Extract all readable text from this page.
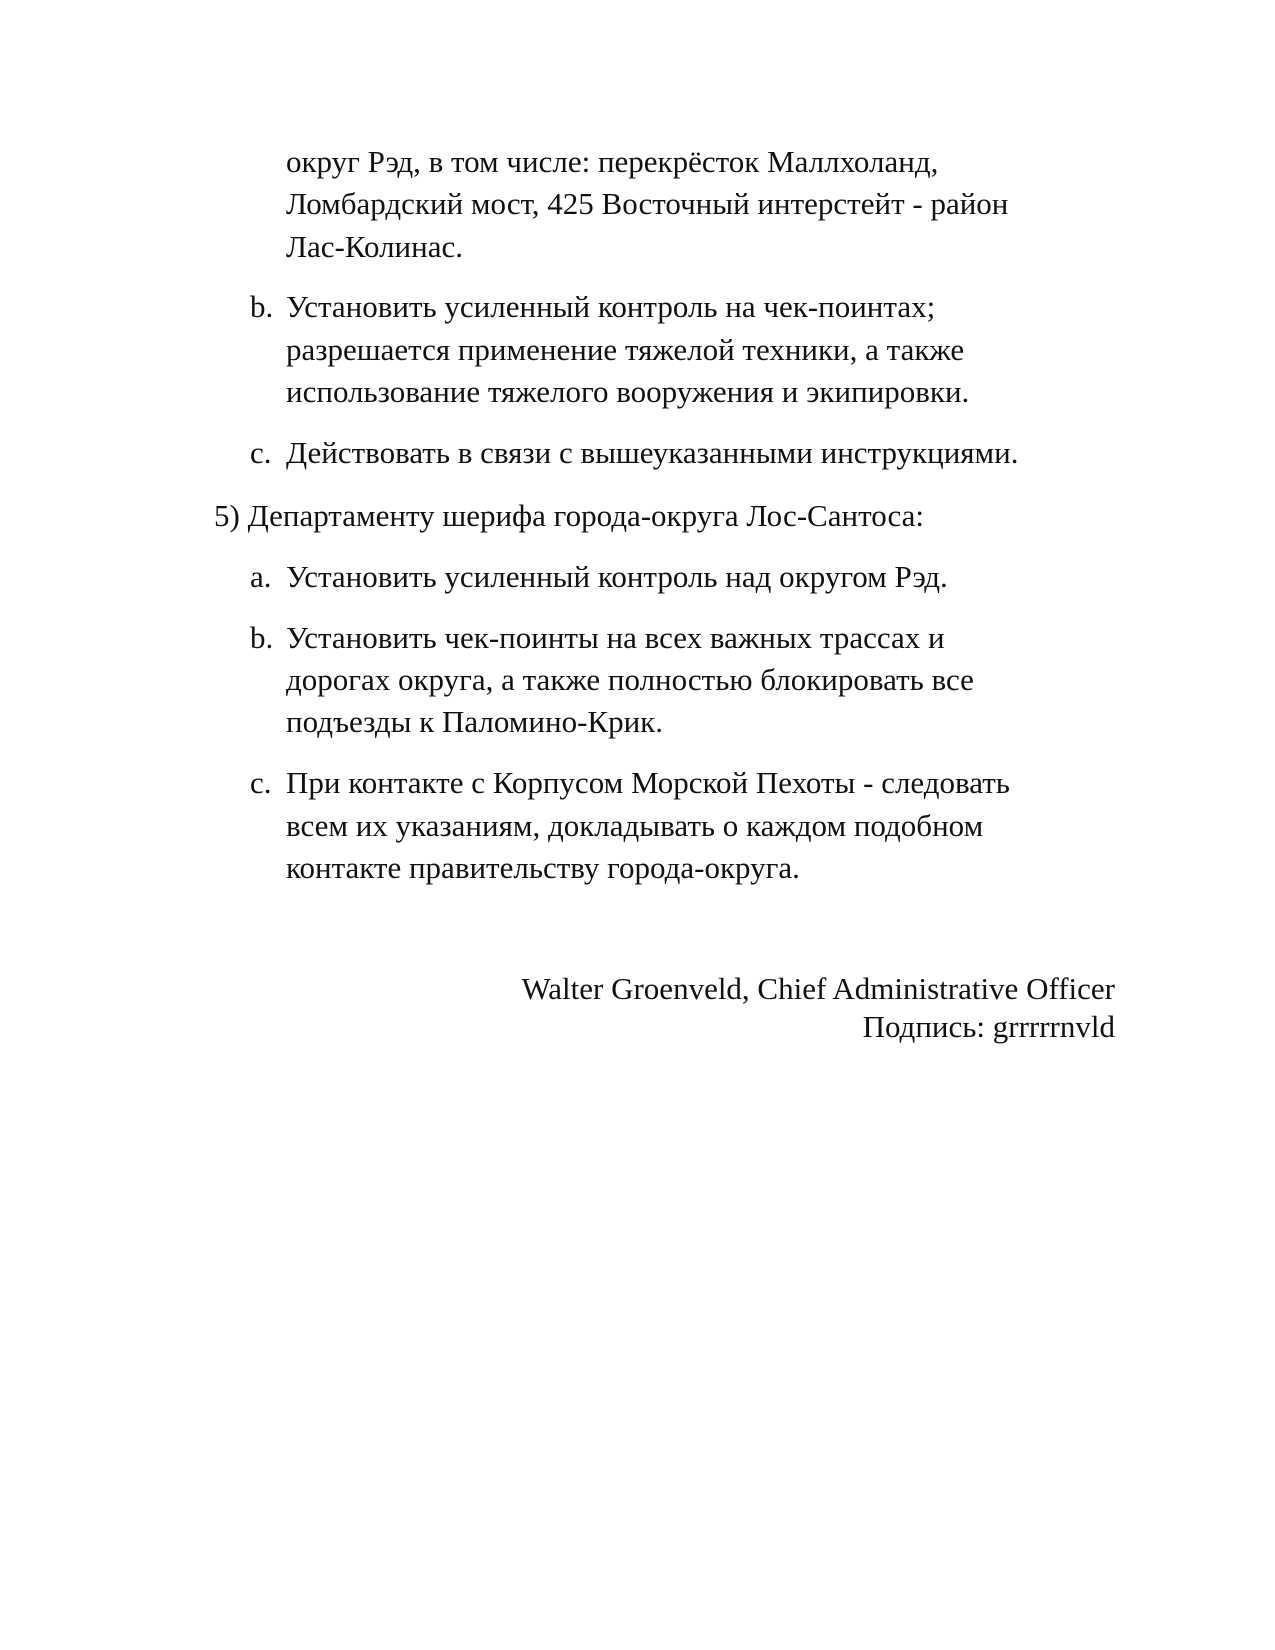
округ Рэд, в том числе: перекрёсток Маллхоланд,
Ломбардский мост, 425 Восточный интерстейт - район
Лас-Колинас.
b. Установить усиленный контроль на чек-поинтах;
разрешается применение тяжелой техники, а также
использование тяжелого вооружения и экипировки.
c. Действовать в связи с вышеуказанными инструкциями.
5) Департаменту шерифа города-округа Лос-Сантоса:
a. Установить усиленный контроль над округом Рэд.
b. Установить чек-поинты на всех важных трассах и
дорогах округа, а также полностью блокировать все
подъезды к Паломино-Крик.
c. При контакте с Корпусом Морской Пехоты - следовать
всем их указаниям, докладывать о каждом подобном
контакте правительству города-округа.
Walter Groenveld, Chief Administrative Officer
Подпись: grrrrrnvld
